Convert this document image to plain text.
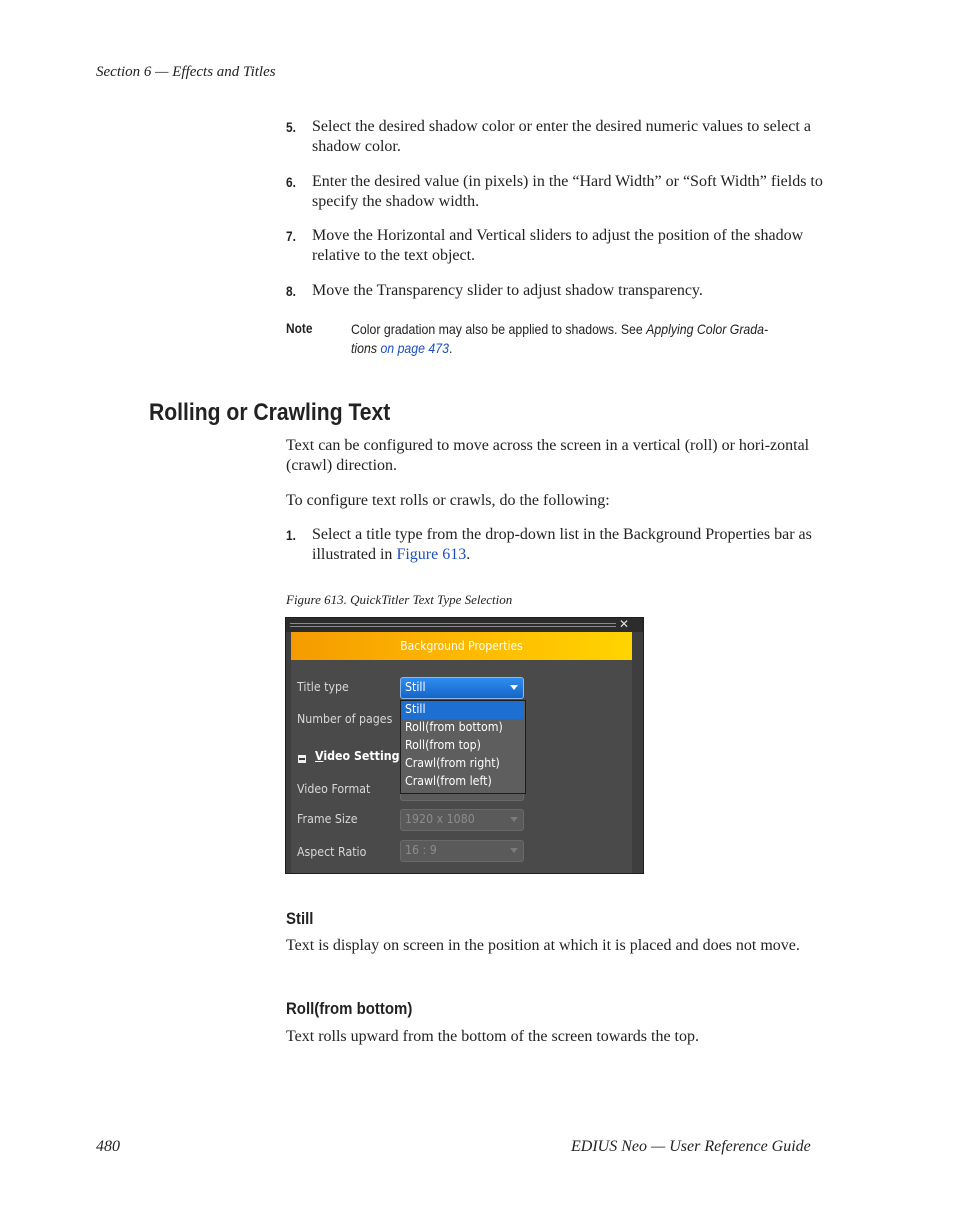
Section 6 — Effects and Titles
5. Select the desired shadow color or enter the desired numeric values to select a shadow color.
6. Enter the desired value (in pixels) in the “Hard Width” or “Soft Width” fields to specify the shadow width.
7. Move the Horizontal and Vertical sliders to adjust the position of the shadow relative to the text object.
8. Move the Transparency slider to adjust shadow transparency.
Note	Color gradation may also be applied to shadows. See Applying Color Grada-
tions on page 473.
Rolling or Crawling Text
Text can be configured to move across the screen in a vertical (roll) or hori-zontal (crawl) direction.
To configure text rolls or crawls, do the following:
1. Select a title type from the drop-down list in the Background Properties bar as illustrated in Figure 613.
Figure 613. QuickTitler Text Type Selection
✕
Background Properties
Title type	Still
Number of pages
Video Setting
Video Format
Frame Size	1920 x 1080
Aspect Ratio	16 : 9
Still
Roll(from bottom)
Roll(from top)
Crawl(from right)
Crawl(from left)
Still
Text is display on screen in the position at which it is placed and does not move.
Roll(from bottom)
Text rolls upward from the bottom of the screen towards the top.
480	EDIUS Neo — User Reference Guide
